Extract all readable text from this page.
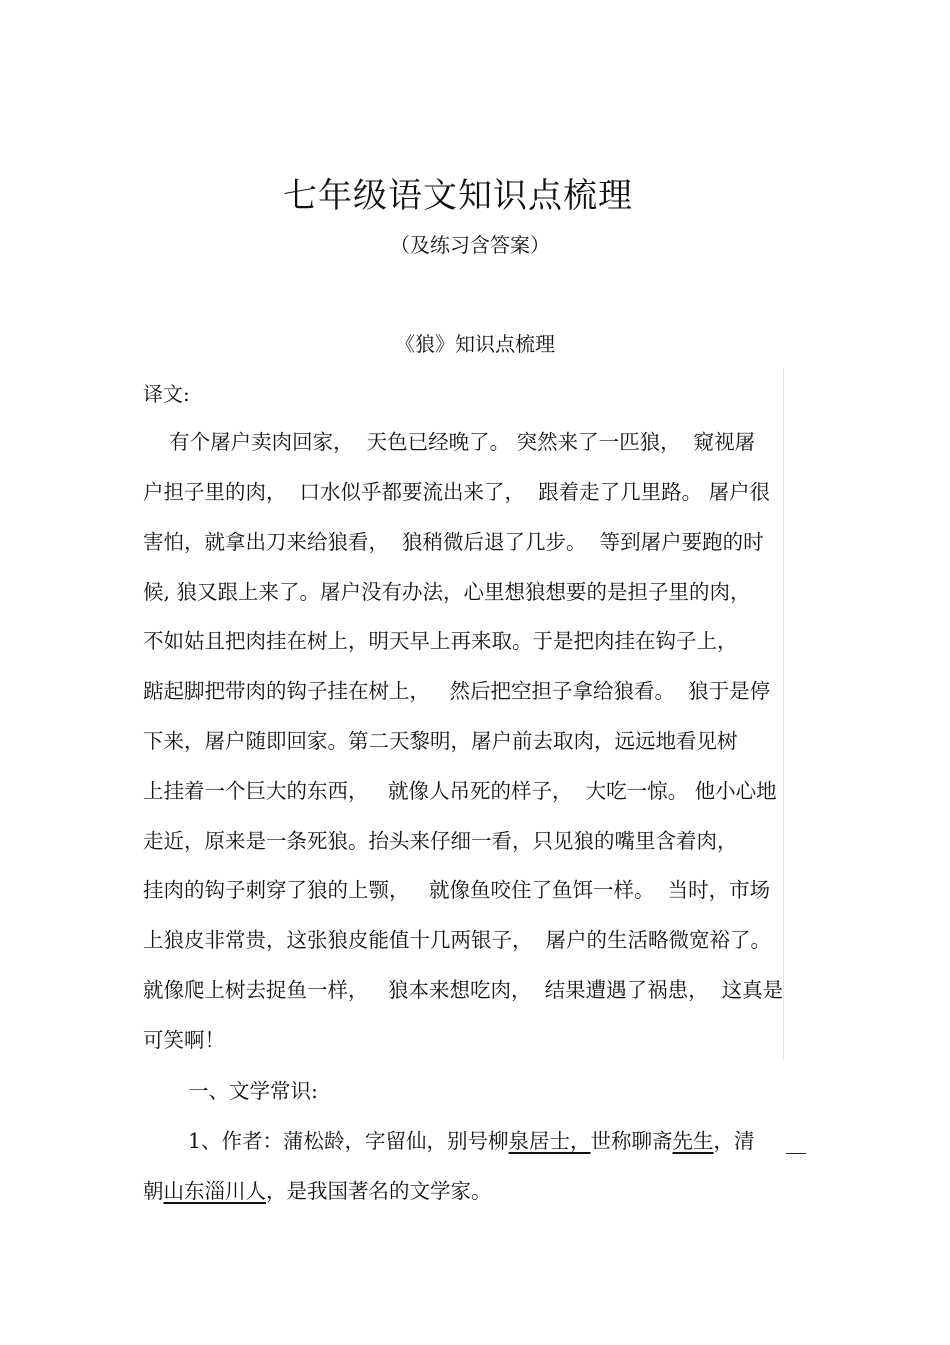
七年级语文知识点梳理
（及练习含答案）
《狼》知识点梳理
译文:
有个屠户卖肉回家，  天色已经晚了。 突然来了一匹狼，  窥视屠
户担子里的肉，  口水似乎都要流出来了，  跟着走了几里路。 屠户很
害怕，就拿出刀来给狼看，  狼稍微后退了几步。  等到屠户要跑的时
候, 狼又跟上来了。屠户没有办法，心里想狼想要的是担子里的肉，
不如姑且把肉挂在树上，明天早上再来取。于是把肉挂在钩子上，
踮起脚把带肉的钩子挂在树上，   然后把空担子拿给狼看。  狼于是停
下来，屠户随即回家。第二天黎明，屠户前去取肉，远远地看见树
上挂着一个巨大的东西，   就像人吊死的样子，  大吃一惊。 他小心地
走近，原来是一条死狼。抬头来仔细一看，只见狼的嘴里含着肉，
挂肉的钩子刺穿了狼的上颚，   就像鱼咬住了鱼饵一样。  当时，市场
上狼皮非常贵，这张狼皮能值十几两银子，  屠户的生活略微宽裕了。
就像爬上树去捉鱼一样，   狼本来想吃肉，  结果遭遇了祸患，  这真是
可笑啊！
一、文学常识:
1、作者：蒲松龄，字留仙，别号柳泉居士，世称聊斋先生，清
朝山东淄川人，是我国著名的文学家。
